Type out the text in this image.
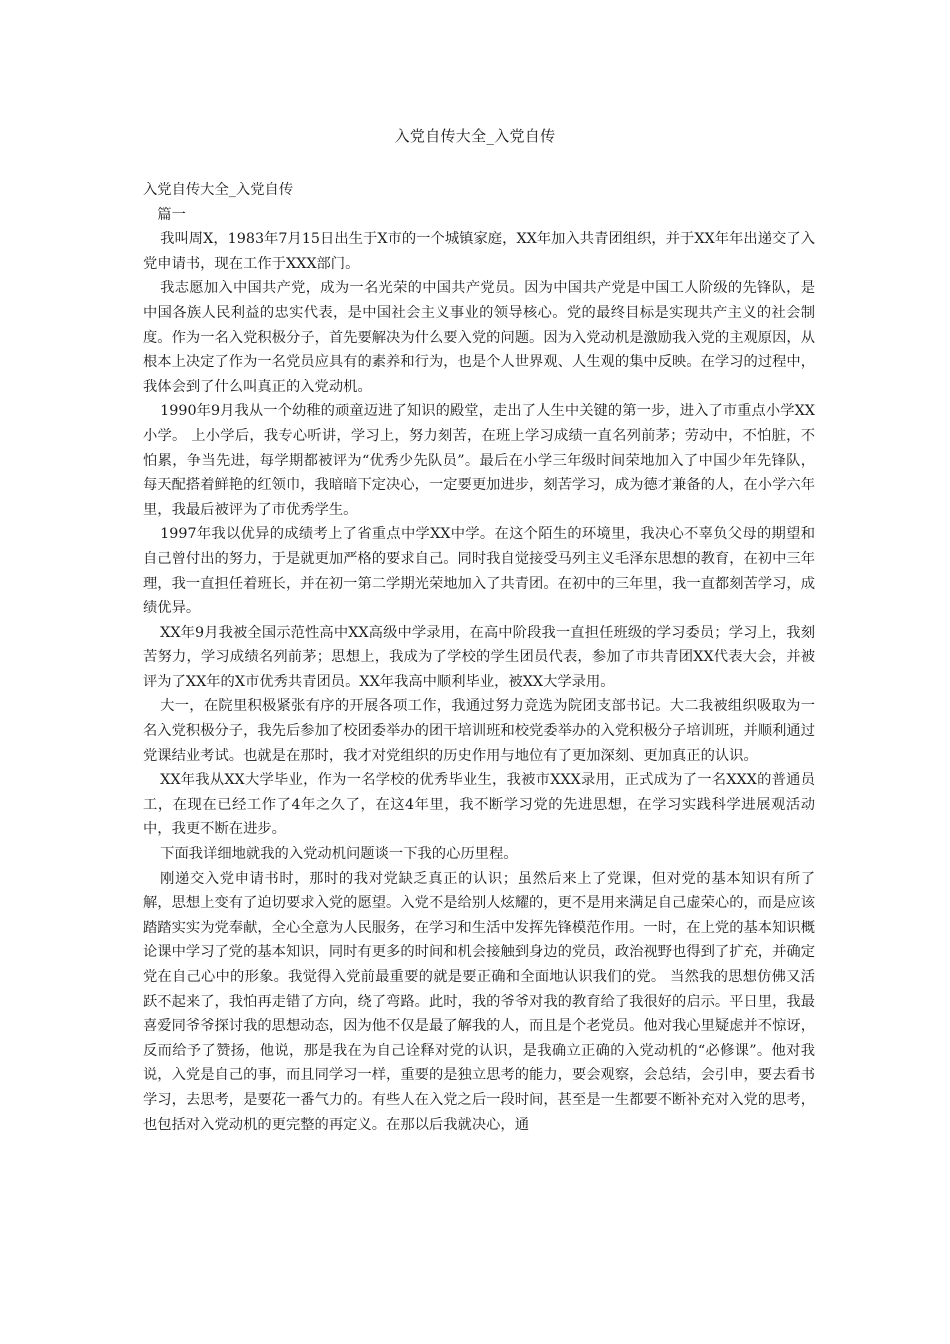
入党自传大全_入党自传

入党自传大全_入党自传

篇一

我叫周X，1983年7月15日出生于X市的一个城镇家庭，XX年加入共青团组织，并于XX年年出递交了入党申请书，现在工作于XXX部门。

我志愿加入中国共产党，成为一名光荣的中国共产党员。因为中国共产党是中国工人阶级的先锋队，是中国各族人民利益的忠实代表，是中国社会主义事业的领导核心。党的最终目标是实现共产主义的社会制度。作为一名入党积极分子，首先要解决为什么要入党的问题。因为入党动机是激励我入党的主观原因，从根本上决定了作为一名党员应具有的素养和行为，也是个人世界观、人生观的集中反映。在学习的过程中，我体会到了什么叫真正的入党动机。

1990年9月我从一个幼稚的顽童迈进了知识的殿堂，走出了人生中关键的第一步，进入了市重点小学XX小学。 上小学后，我专心听讲，学习上，努力刻苦，在班上学习成绩一直名列前茅；劳动中，不怕脏，不怕累，争当先进，每学期都被评为“优秀少先队员”。最后在小学三年级时间荣地加入了中国少年先锋队，每天配搭着鲜艳的红领巾，我暗暗下定决心，一定要更加进步，刻苦学习，成为德才兼备的人，在小学六年里，我最后被评为了市优秀学生。

1997年我以优异的成绩考上了省重点中学XX中学。在这个陌生的环境里，我决心不辜负父母的期望和自己曾付出的努力，于是就更加严格的要求自己。同时我自觉接受马列主义毛泽东思想的教育，在初中三年理，我一直担任着班长，并在初一第二学期光荣地加入了共青团。在初中的三年里，我一直都刻苦学习，成绩优异。

XX年9月我被全国示范性高中XX高级中学录用，在高中阶段我一直担任班级的学习委员；学习上，我刻苦努力，学习成绩名列前茅；思想上，我成为了学校的学生团员代表，参加了市共青团XX代表大会，并被评为了XX年的X市优秀共青团员。XX年我高中顺利毕业，被XX大学录用。

大一，在院里积极紧张有序的开展各项工作，我通过努力竞选为院团支部书记。大二我被组织吸取为一名入党积极分子，我先后参加了校团委举办的团干培训班和校党委举办的入党积极分子培训班，并顺利通过党课结业考试。也就是在那时，我才对党组织的历史作用与地位有了更加深刻、更加真正的认识。

XX年我从XX大学毕业，作为一名学校的优秀毕业生，我被市XXX录用，正式成为了一名XXX的普通员工，在现在已经工作了4年之久了，在这4年里，我不断学习党的先进思想，在学习实践科学进展观活动中，我更不断在进步。

下面我详细地就我的入党动机问题谈一下我的心历里程。

刚递交入党申请书时，那时的我对党缺乏真正的认识；虽然后来上了党课，但对党的基本知识有所了解，思想上变有了迫切要求入党的愿望。入党不是给别人炫耀的，更不是用来满足自己虚荣心的，而是应该踏踏实实为党奉献，全心全意为人民服务，在学习和生活中发挥先锋模范作用。一时，在上党的基本知识概论课中学习了党的基本知识，同时有更多的时间和机会接触到身边的党员，政治视野也得到了扩充，并确定党在自己心中的形象。我觉得入党前最重要的就是要正确和全面地认识我们的党。 当然我的思想仿佛又活跃不起来了，我怕再走错了方向，绕了弯路。此时，我的爷爷对我的教育给了我很好的启示。平日里，我最喜爱同爷爷探讨我的思想动态，因为他不仅是最了解我的人，而且是个老党员。他对我心里疑虑并不惊讶，反而给予了赞扬，他说，那是我在为自己诠释对党的认识，是我确立正确的入党动机的“必修课”。他对我说，入党是自己的事，而且同学习一样，重要的是独立思考的能力，要会观察，会总结，会引申，要去看书学习，去思考，是要花一番气力的。有些人在入党之后一段时间，甚至是一生都要不断补充对入党的思考，也包括对入党动机的更完整的再定义。在那以后我就决心，通
